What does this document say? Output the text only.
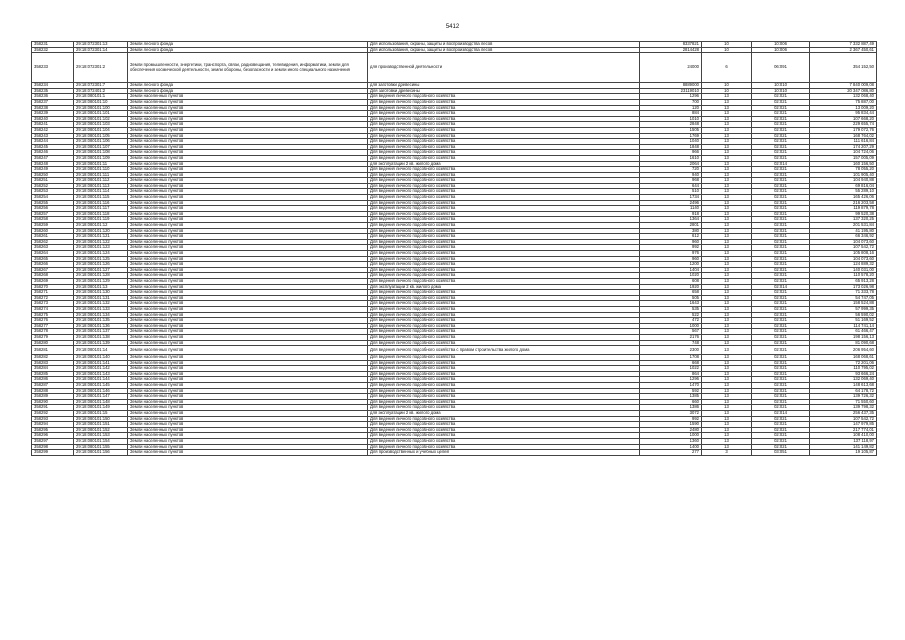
5412
358231	29:18:072301:13	Земли лесного фонда	Для использования, охраны, защиты и воспроизводства лесов	8337821	10	10:006	7 332 887,49
358232	29:18:072301:14	Земли лесного фонда	Для использования, охраны, защиты и воспроизводства лесов	2814428	10	10:006	2 367 450,61
358233	29:18:072301:2	Земли промышленности, энергетики, транспорта, связи, радиовещания, телевидения, информатики, земли для обеспечения космической деятельности, земли обороны, безопасности и земли иного специального назначения	для производственной деятельности	24000	6	06:091	354 152,50
358234	29:18:072301:7	Земли лесного фонда	для заготовки древесины	8889000	10	10:010	7 840 009,08
358235	29:18:072401:2	Земли лесного фонда	Для заготовки древесины	23119010	10	10:010	20 347 086,80
358236	29:18:080101:1	Земли населенных пунктов	Для ведения личного подсобного хозяйства	1296	13	02:021	132 068,40
358237	29:18:080101:10	Земли населенных пунктов	Для ведения личного подсобного хозяйства	700	13	02:021	75 887,00
358238	29:18:080101:100	Земли населенных пунктов	Для ведения личного подсобного хозяйства	120	13	02:021	13 009,20
358239	29:18:080101:101	Земли населенных пунктов	Для ведения личного подсобного хозяйства	884	13	02:021	95 834,44
358240	29:18:080101:102	Земли населенных пунктов	Для ведения личного подсобного хозяйства	1010	13	02:021	107 668,20
358241	29:18:080101:103	Земли населенных пунктов	Для ведения личного подсобного хозяйства	2848	13	02:021	229 655,74
358242	29:18:080101:104	Земли населенных пунктов	Для ведения личного подсобного хозяйства	1505	13	02:021	179 072,76
358243	29:18:080101:105	Земли населенных пунктов	Для ведения личного подсобного хозяйства	1769	13	02:021	168 764,02
358244	29:18:080101:106	Земли населенных пунктов	Для ведения личного подсобного хозяйства	1040	13	02:021	111 616,84
358245	29:18:080101:107	Земли населенных пунктов	Для ведения личного подсобного хозяйства	1848	13	02:021	174 207,29
358246	29:18:080101:108	Земли населенных пунктов	Для ведения личного подсобного хозяйства	966	13	02:021	104 724,06
358247	29:18:080101:109	Земли населенных пунктов	Для ведения личного подсобного хозяйства	1610	13	02:021	157 005,09
358248	29:18:080101:11	Земли населенных пунктов	для эксплуатации 2 кв. жилого дома	2064	13	02:014	160 156,50
358249	29:18:080101:110	Земли населенных пунктов	Для ведения личного подсобного хозяйства	720	13	02:021	78 055,20
358250	29:18:080101:111	Земли населенных пунктов	Для ведения личного подсобного хозяйства	940	13	02:021	101 905,40
358251	29:18:080101:112	Земли населенных пунктов	Для ведения личного подсобного хозяйства	968	13	02:021	104 940,88
358252	29:18:080101:113	Земли населенных пунктов	Для ведения личного подсобного хозяйства	644	13	02:021	69 816,04
358253	29:18:080101:114	Земли населенных пунктов	Для ведения личного подсобного хозяйства	510	13	02:021	55 289,10
358254	29:18:080101:115	Земли населенных пунктов	Для ведения личного подсобного хозяйства	1734	13	02:021	165 426,06
358255	29:18:080101:116	Земли населенных пунктов	Для ведения личного подсобного хозяйства	2496	13	02:021	216 203,58
358256	29:18:080101:117	Земли населенных пунктов	Для ведения личного подсобного хозяйства	1140	13	02:021	119 879,78
358257	29:18:080101:118	Земли населенных пунктов	Для ведения личного подсобного хозяйства	918	13	02:021	99 520,38
358258	29:18:080101:119	Земли населенных пунктов	Для ведения личного подсобного хозяйства	1364	13	02:021	137 320,25
358259	29:18:080101:12	Земли населенных пунктов	Для ведения личного подсобного хозяйства	2801	13	02:021	201 531,84
358260	29:18:080101:120	Земли населенных пунктов	Для ведения личного подсобного хозяйства	380	13	02:021	41 195,80
358261	29:18:080101:121	Земли населенных пунктов	Для ведения личного подсобного хозяйства	612	13	02:021	66 346,92
358262	29:18:080101:122	Земли населенных пунктов	Для ведения личного подсобного хозяйства	960	13	02:021	104 073,60
358263	29:18:080101:123	Земли населенных пунктов	Для ведения личного подсобного хозяйства	992	13	02:021	107 542,72
358264	29:18:080101:124	Земли населенных пунктов	Для ведения личного подсобного хозяйства	976	13	02:021	105 808,16
358265	29:18:080101:125	Земли населенных пунктов	Для ведения личного подсобного хозяйства	960	13	02:021	104 073,60
358266	29:18:080101:126	Земли населенных пунктов	Для ведения личного подсобного хозяйства	1200	13	02:021	124 889,32
358267	29:18:080101:127	Земли населенных пунктов	Для ведения личного подсобного хозяйства	1404	13	02:021	140 031,00
358268	29:18:080101:128	Земли населенных пунктов	Для ведения личного подсобного хозяйства	1020	13	02:021	110 578,20
358269	29:18:080101:129	Земли населенных пунктов	Для ведения личного подсобного хозяйства	608	13	02:021	65 913,28
358270	29:18:080101:13	Земли населенных пунктов	Для эксплуатации 2 кв. жилого дома	1920	13	02:014	173 026,98
358271	29:18:080101:130	Земли населенных пунктов	Для ведения личного подсобного хозяйства	658	13	02:021	71 333,78
358272	29:18:080101:131	Земли населенных пунктов	Для ведения личного подсобного хозяйства	505	13	02:021	54 747,05
358273	29:18:080101:132	Земли населенных пунктов	Для ведения личного подсобного хозяйства	1643	13	02:021	158 524,88
358274	29:18:080101:133	Земли населенных пунктов	Для ведения личного подсобного хозяйства	535	13	02:021	57 999,35
358275	29:18:080101:134	Земли населенных пунктов	Для ведения личного подсобного хозяйства	522	13	02:021	56 590,02
358276	29:18:080101:135	Земли населенных пунктов	Для ведения личного подсобного хозяйства	472	13	02:021	51 169,52
358277	29:18:080101:136	Земли населенных пунктов	Для ведения личного подсобного хозяйства	1000	13	02:021	114 741,14
358278	29:18:080101:137	Земли населенных пунктов	Для ведения личного подсобного хозяйства	567	13	02:021	61 466,47
358279	29:18:080101:138	Земли населенных пунктов	Для ведения личного подсобного хозяйства	2176	13	02:021	198 156,13
358280	29:18:080101:139	Земли населенных пунктов	Для ведения личного подсобного хозяйства	748	13	02:021	81 090,68
358281	29:18:080101:14	Земли населенных пунктов	Для ведения личного подсобного хозяйства с правом строительства жилого дома	2300	13	02:021	206 954,60
358282	29:18:080101:140	Земли населенных пунктов	Для ведения личного подсобного хозяйства	1708	13	02:021	168 068,61
358283	29:18:080101:141	Земли населенных пунктов	Для ведения личного подсобного хозяйства	668	13	02:021	72 201,06
358284	29:18:080101:142	Земли населенных пунктов	Для ведения личного подсобного хозяйства	1022	13	02:021	110 795,02
358285	29:18:080101:143	Земли населенных пунктов	Для ведения личного подсобного хозяйства	864	13	02:021	93 666,24
358286	29:18:080101:144	Земли населенных пунктов	Для ведения личного подсобного хозяйства	1296	13	02:021	132 069,40
358287	29:18:080101:145	Земли населенных пунктов	Для ведения личного подсобного хозяйства	1470	13	02:021	148 613,68
358288	29:18:080101:146	Земли населенных пунктов	Для ведения личного подсобного хозяйства	592	13	02:021	64 178,72
358289	29:18:080101:147	Земли населенных пунктов	Для ведения личного подсобного хозяйства	1385	13	02:021	139 726,32
358290	29:18:080101:148	Земли населенных пунктов	Для ведения личного подсобного хозяйства	660	13	02:021	71 550,60
358291	29:18:080101:149	Земли населенных пунктов	Для ведения личного подсобного хозяйства	1386	13	02:021	139 798,32
358292	29:18:080101:15	Земли населенных пунктов	для эксплуатации 2 кв. жилого дома	3072	13	02:014	256 437,35
358293	29:18:080101:150	Земли населенных пунктов	Для ведения личного подсобного хозяйства	992	13	02:021	107 542,72
358294	29:18:080101:151	Земли населенных пунктов	Для ведения личного подсобного хозяйства	1590	13	02:021	147 979,85
358295	29:18:080101:152	Земли населенных пунктов	Для ведения личного подсобного хозяйства	2480	13	02:021	217 774,01
358296	29:18:080101:153	Земли населенных пунктов	Для ведения личного подсобного хозяйства	1000	13	02:021	108 410,00
358297	29:18:080101:154	Земли населенных пунктов	Для ведения личного подсобного хозяйства	1360	13	02:021	137 118,97
358298	29:18:080101:155	Земли населенных пунктов	Для ведения личного подсобного хозяйства	1400	13	02:021	141 149,82
358299	29:18:080101:156	Земли населенных пунктов	Для производственных и учебных целей	277	3	03:051	19 105,87
